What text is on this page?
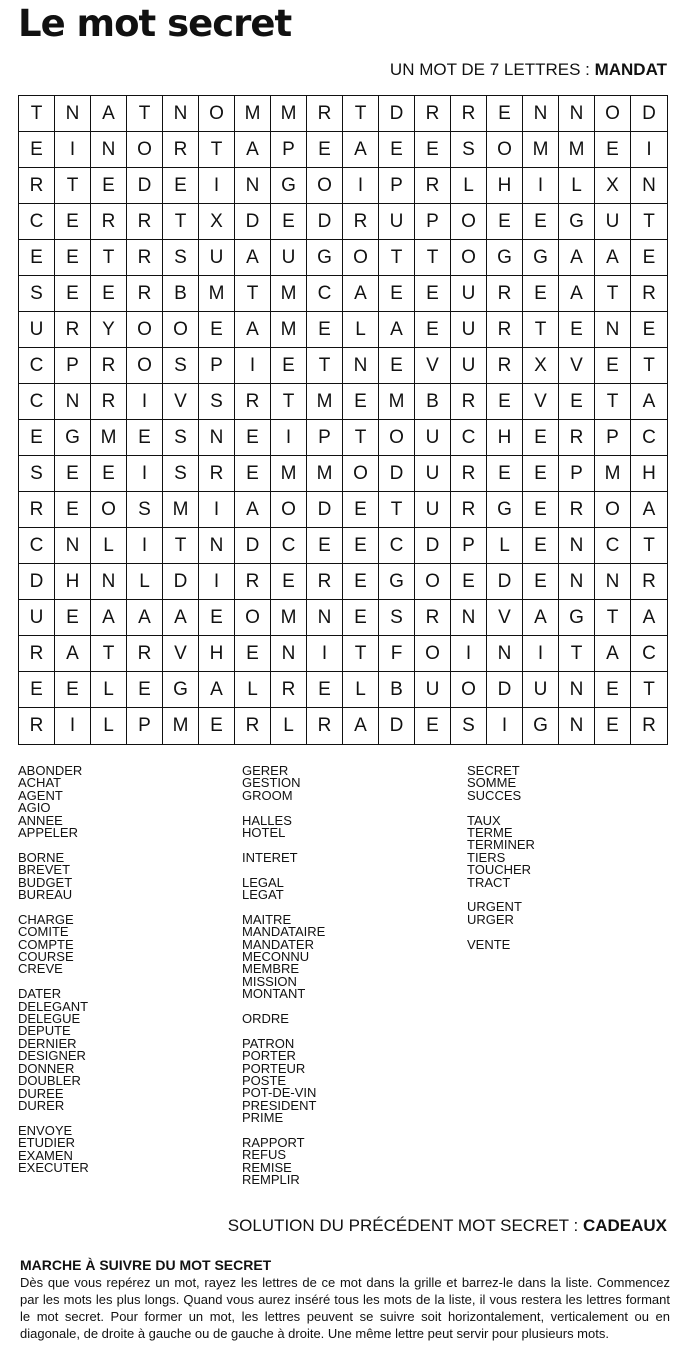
Le mot secret
UN MOT DE 7 LETTRES : MANDAT
T	N	A	T	N	O	M	M	R	T	D	R	R	E	N	N	O	D
E	I	N	O	R	T	A	P	E	A	E	E	S	O	M	M	E	I
R	T	E	D	E	I	N	G	O	I	P	R	L	H	I	L	X	N
C	E	R	R	T	X	D	E	D	R	U	P	O	E	E	G	U	T
E	E	T	R	S	U	A	U	G	O	T	T	O	G	G	A	A	E
S	E	E	R	B	M	T	M	C	A	E	E	U	R	E	A	T	R
U	R	Y	O	O	E	A	M	E	L	A	E	U	R	T	E	N	E
C	P	R	O	S	P	I	E	T	N	E	V	U	R	X	V	E	T
C	N	R	I	V	S	R	T	M	E	M	B	R	E	V	E	T	A
E	G	M	E	S	N	E	I	P	T	O	U	C	H	E	R	P	C
S	E	E	I	S	R	E	M	M	O	D	U	R	E	E	P	M	H
R	E	O	S	M	I	A	O	D	E	T	U	R	G	E	R	O	A
C	N	L	I	T	N	D	C	E	E	C	D	P	L	E	N	C	T
D	H	N	L	D	I	R	E	R	E	G	O	E	D	E	N	N	R
U	E	A	A	A	E	O	M	N	E	S	R	N	V	A	G	T	A
R	A	T	R	V	H	E	N	I	T	F	O	I	N	I	T	A	C
E	E	L	E	G	A	L	R	E	L	B	U	O	D	U	N	E	T
R	I	L	P	M	E	R	L	R	A	D	E	S	I	G	N	E	R
ABONDER
ACHAT
AGENT
AGIO
ANNEE
APPELER
BORNE
BREVET
BUDGET
BUREAU
CHARGE
COMITE
COMPTE
COURSE
CREVE
DATER
DELEGANT
DELEGUE
DEPUTE
DERNIER
DESIGNER
DONNER
DOUBLER
DUREE
DURER
ENVOYE
ETUDIER
EXAMEN
EXECUTER
GERER
GESTION
GROOM
HALLES
HOTEL
INTERET
LEGAL
LEGAT
MAITRE
MANDATAIRE
MANDATER
MECONNU
MEMBRE
MISSION
MONTANT
ORDRE
PATRON
PORTER
PORTEUR
POSTE
POT-DE-VIN
PRESIDENT
PRIME
RAPPORT
REFUS
REMISE
REMPLIR
SECRET
SOMME
SUCCES
TAUX
TERME
TERMINER
TIERS
TOUCHER
TRACT
URGENT
URGER
VENTE
SOLUTION DU PRÉCÉDENT MOT SECRET : CADEAUX
MARCHE À SUIVRE DU MOT SECRET
Dès que vous repérez un mot, rayez les lettres de ce mot dans la grille et barrez-le dans la liste. Commencez par les mots les plus longs. Quand vous aurez inséré tous les mots de la liste, il vous restera les lettres formant le mot secret. Pour former un mot, les lettres peuvent se suivre soit horizontalement, verticalement ou en diagonale, de droite à gauche ou de gauche à droite. Une même lettre peut servir pour plusieurs mots.
